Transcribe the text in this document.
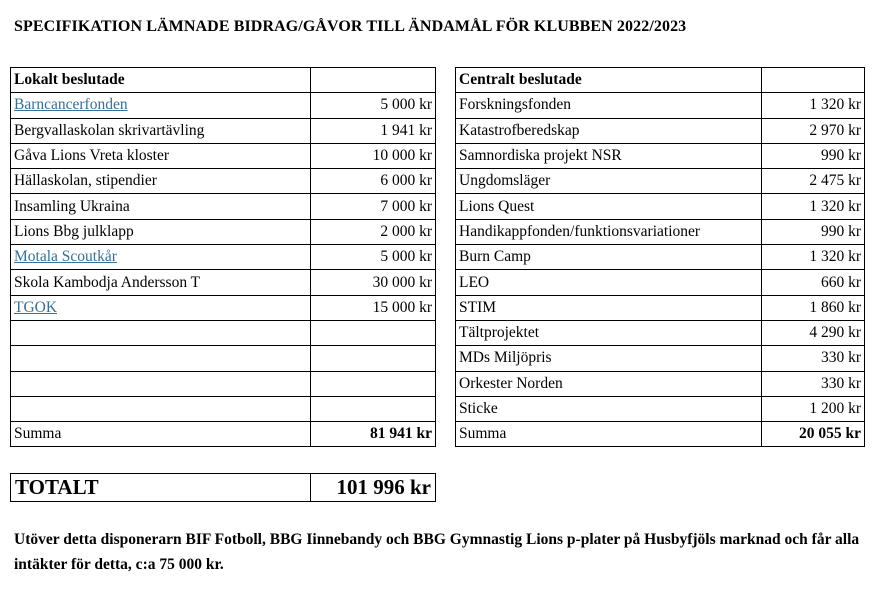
SPECIFIKATION LÄMNADE BIDRAG/GÅVOR TILL ÄNDAMÅL FÖR KLUBBEN 2022/2023
Lokalt beslutade	
Barncancerfonden	5 000 kr
Bergvallaskolan skrivartävling	1 941 kr
Gåva Lions Vreta kloster	10 000 kr
Hällaskolan, stipendier	6 000 kr
Insamling Ukraina	7 000 kr
Lions Bbg julklapp	2 000 kr
Motala Scoutkår	5 000 kr
Skola Kambodja Andersson T	30 000 kr
TGOK	15 000 kr

Summa	81 941 kr
Centralt beslutade	
Forskningsfonden	1 320 kr
Katastrofberedskap	2 970 kr
Samnordiska projekt NSR	990 kr
Ungdomsläger	2 475 kr
Lions Quest	1 320 kr
Handikappfonden/funktionsvariationer	990 kr
Burn Camp	1 320 kr
LEO	660 kr
STIM	1 860 kr
Tältprojektet	4 290 kr
MDs Miljöpris	330 kr
Orkester Norden	330 kr
Sticke	1 200 kr
Summa	20 055 kr
TOTALT	101 996 kr
Utöver detta disponerarn BIF Fotboll, BBG Iinnebandy och BBG Gymnastig Lions p-plater på Husbyfjöls marknad och får alla intäkter för detta, c:a 75 000 kr.
